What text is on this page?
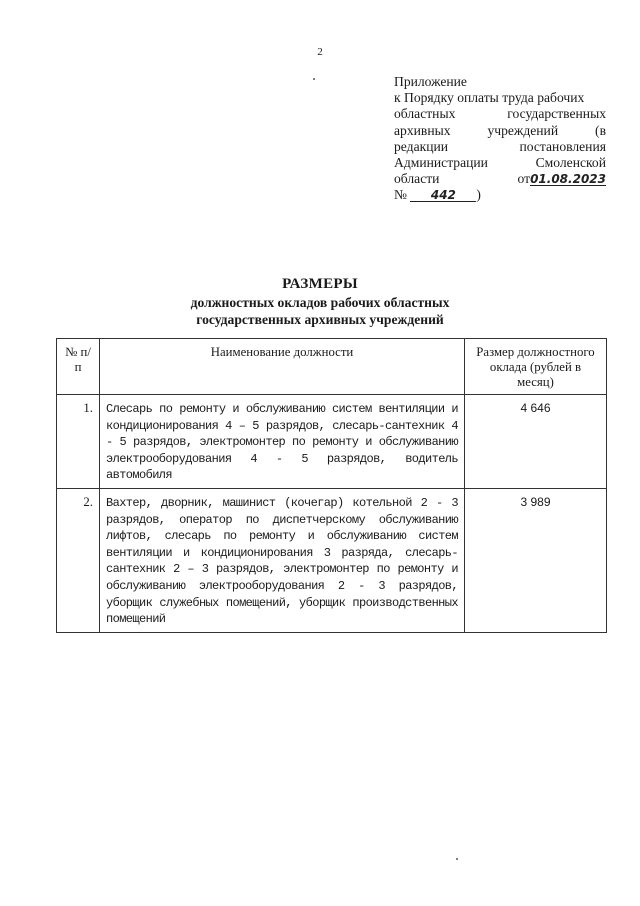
2
Приложение
к Порядку оплаты труда рабочих
областных государственных
архивных учреждений (в
редакции постановления
Администрации Смоленской
области	от01.08.2023
№ 442 )
РАЗМЕРЫ
должностных окладов рабочих областных
государственных архивных учреждений
№ п/п	Наименование должности	Размер должностного оклада (рублей в месяц)
1.	Слесарь по ремонту и обслуживанию систем вентиляции и кондиционирования 4 – 5 разрядов, слесарь-сантехник 4 - 5 разрядов, электромонтер по ремонту и обслуживанию электрооборудования 4 - 5 разрядов, водитель автомобиля	4 646
2.	Вахтер, дворник, машинист (кочегар) котельной 2 - 3 разрядов, оператор по диспетчерскому обслуживанию лифтов, слесарь по ремонту и обслуживанию систем вентиляции и кондиционирования 3 разряда, слесарь-сантехник 2 – 3 разрядов, электромонтер по ремонту и обслуживанию электрооборудования 2 - 3 разрядов, уборщик служебных помещений, уборщик производственных помещений	3 989
